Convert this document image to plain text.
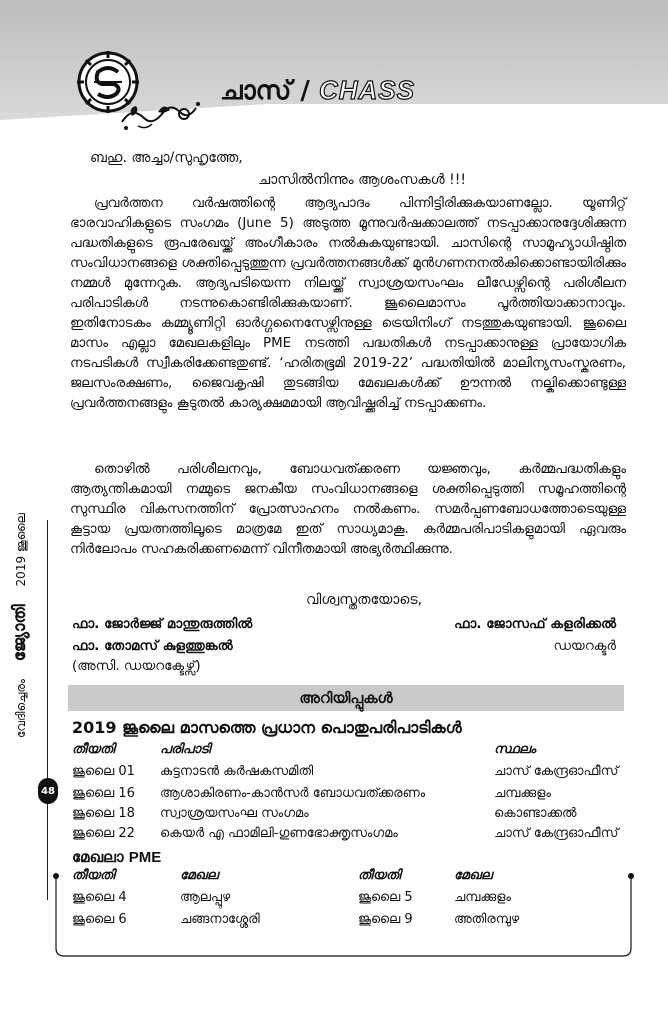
ചാസ് / CHASS
വേദിച്ചെരം ജ്യോതി 2019 ജൂലൈ
48
ബഹു. അച്ചാ/സുഹൃത്തേ,
ചാസിൽനിന്നും ആശംസകൾ !!!
പ്രവർത്തന വർഷത്തിന്റെ ആദ്യപാദം പിന്നിട്ടിരിക്കുകയാണല്ലോ. യൂണിറ്റ് ഭാരവാഹികളുടെ സംഗമം (June 5) അടുത്ത മൂന്നുവർഷക്കാലത്ത് നടപ്പാക്കാനുദ്ദേശിക്കുന്ന പദ്ധതികളുടെ രൂപരേഖയ്ക്ക് അംഗീകാരം നൽകുകയുണ്ടായി. ചാസിന്റെ സാമൂഹ്യാധിഷ്ഠിത സംവിധാനങ്ങളെ ശക്തിപ്പെടുത്തുന്ന പ്രവർത്തനങ്ങൾക്ക് മുൻഗണനനൽകിക്കൊണ്ടായിരിക്കും നമ്മൾ മുന്നേറുക. ആദ്യപടിയെന്ന നിലയ്ക്ക് സ്വാശ്രയസംഘം ലീഡേഴ്സിന്റെ പരിശീലന പരിപാടികൾ നടന്നുകൊണ്ടിരിക്കുകയാണ്. ജൂലൈമാസം പൂർത്തിയാക്കാനാവും. ഇതിനോടകം കമ്മ്യൂണിറ്റി ഓർഗ്ഗനൈസേഴ്സിനുള്ള ട്രെയിനിംഗ് നടത്തുകയുണ്ടായി. ജൂലൈ മാസം എല്ലാ മേഖലകളിലും PME നടത്തി പദ്ധതികൾ നടപ്പാക്കാനുള്ള പ്രായോഗിക നടപടികൾ സ്വീകരിക്കേണ്ടതുണ്ട്. ‘ഹരിതഭൂമി 2019-22’ പദ്ധതിയിൽ മാലിന്യസംസ്കരണം, ജലസംരക്ഷണം, ജൈവകൃഷി തുടങ്ങിയ മേഖലകൾക്ക് ഊന്നൽ നല്കിക്കൊണ്ടുള്ള പ്രവർത്തനങ്ങളും കൂടുതൽ കാര്യക്ഷമമായി ആവിഷ്ക്കരിച്ച് നടപ്പാക്കണം.
തൊഴിൽ പരിശീലനവും, ബോധവത്ക്കരണ യജ്ഞവും, കർമ്മപദ്ധതികളും ആത്യന്തികമായി നമ്മുടെ ജനകീയ സംവിധാനങ്ങളെ ശക്തിപ്പെടുത്തി സമൂഹത്തിന്റെ സുസ്ഥിര വികസനത്തിന് പ്രോത്സാഹനം നൽകണം. സമർപ്പണബോധത്തോടെയുള്ള കൂട്ടായ പ്രയത്നത്തിലൂടെ മാത്രമേ ഇത് സാധ്യമാകൂ. കർമ്മപരിപാടികളുമായി ഏവരും നിർലോപം സഹകരിക്കണമെന്ന് വിനീതമായി അഭ്യർത്ഥിക്കുന്നു.
വിശ്വസ്തതയോടെ,
ഫാ. ജോർജ്ജ് മാന്തുരുത്തിൽ
ഫാ. തോമസ് കുളത്തുങ്കൽ
(അസി. ഡയറക്ടേഴ്സ്)
ഫാ. ജോസഫ് കളരിക്കൽ
ഡയറക്ടർ
അറിയിപ്പുകൾ
2019 ജൂലൈ മാസത്തെ പ്രധാന പൊതുപരിപാടികൾ
തീയതി	പരിപാടി	സ്ഥലം
ജൂലൈ 01 കുട്ടനാടൻ കർഷകസമിതി	ചാസ് കേന്ദ്രഓഫീസ്
ജൂലൈ 16 ആശാകിരണം-കാൻസർ ബോധവത്ക്കരണം	ചമ്പക്കുളം
ജൂലൈ 18 സ്വാശ്രയസംഘ സംഗമം	കൊണ്ടാക്കൽ
ജൂലൈ 22 കെയർ എ ഫാമിലി-ഗുണഭോക്തൃസംഗമം	ചാസ് കേന്ദ്രഓഫീസ്
മേഖലാ PME
തീയതി	മേഖല	തീയതി	മേഖല
ജൂലൈ 4	ആലപ്പുഴ	ജൂലൈ 5	ചമ്പക്കുളം
ജൂലൈ 6	ചങ്ങനാശ്ശേരി	ജൂലൈ 9	അതിരമ്പുഴ
